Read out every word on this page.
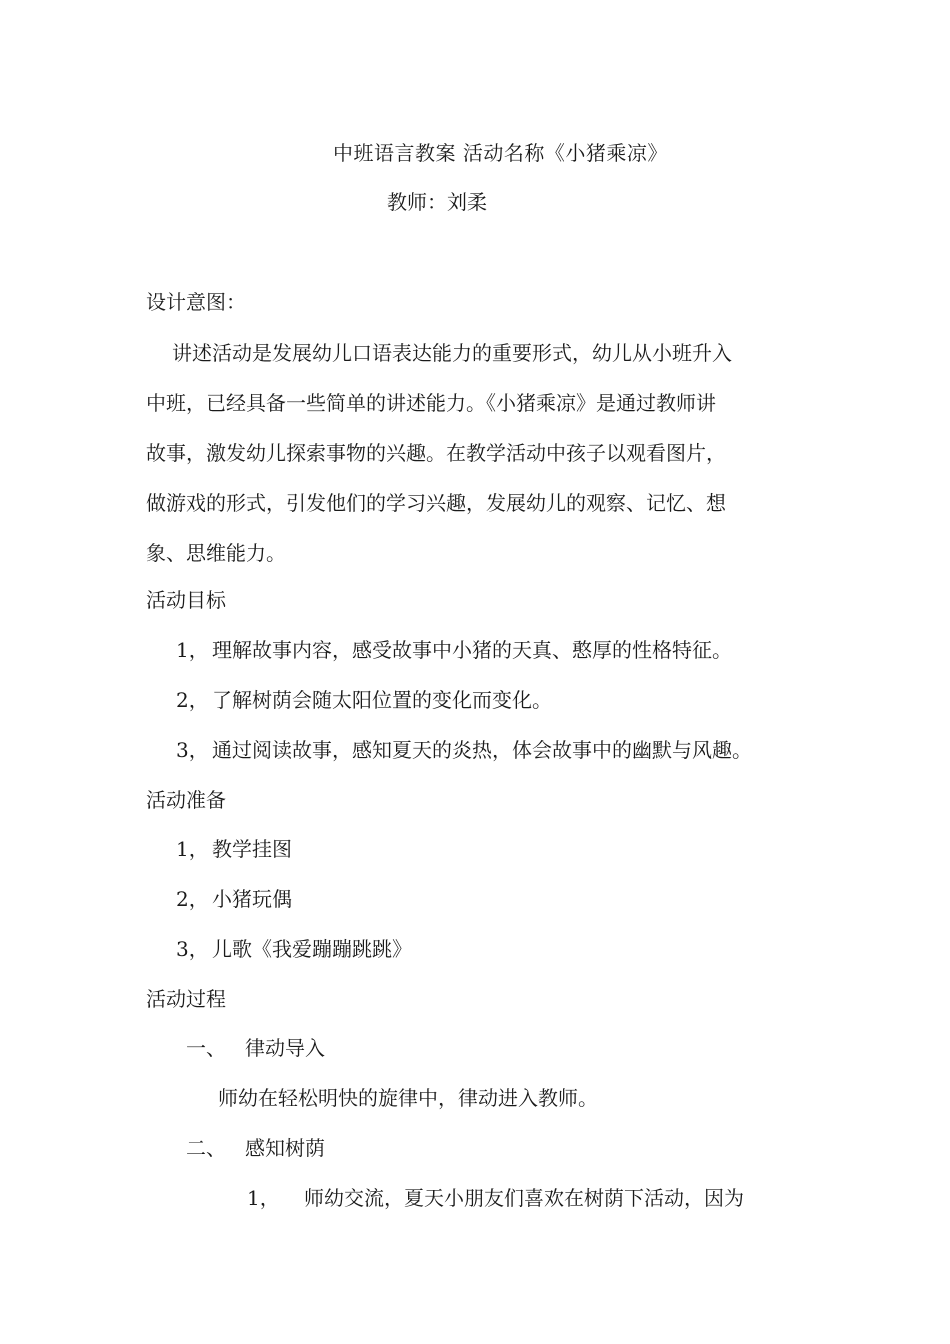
中班语言教案 活动名称《小猪乘凉》
教师：刘柔
设计意图：

讲述活动是发展幼儿口语表达能力的重要形式，幼儿从小班升入

中班，已经具备一些简单的讲述能力。《小猪乘凉》是通过教师讲

故事，激发幼儿探索事物的兴趣。在教学活动中孩子以观看图片，

做游戏的形式，引发他们的学习兴趣，发展幼儿的观察、记忆、想

象、思维能力。

活动目标
1， 理解故事内容，感受故事中小猪的天真、憨厚的性格特征。
2， 了解树荫会随太阳位置的变化而变化。
3， 通过阅读故事，感知夏天的炎热，体会故事中的幽默与风趣。
活动准备
1， 教学挂图
2， 小猪玩偶
3， 儿歌《我爱蹦蹦跳跳》
活动过程
一、 律动导入
师幼在轻松明快的旋律中，律动进入教师。
二、 感知树荫
1， 师幼交流，夏天小朋友们喜欢在树荫下活动，因为
